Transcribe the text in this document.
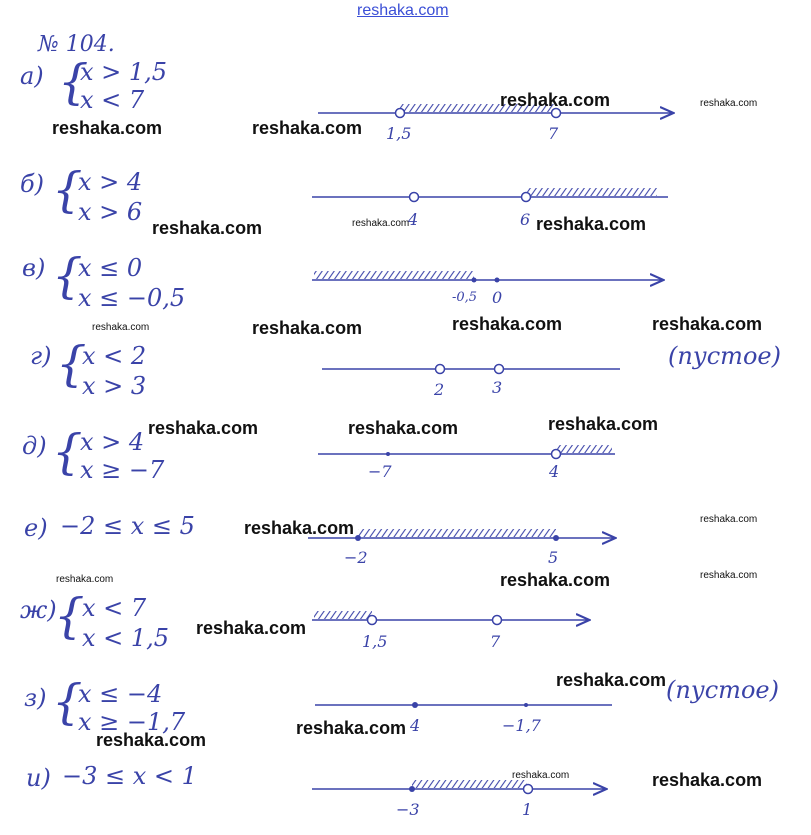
reshaka.com
№ 104.
а) {
x > 1,5
x < 7
б) {
x > 4
x > 6
в) {
x ≤ 0
x ≤ −0,5
г) {
x < 2
x > 3
(пустое)
д) {
x > 4
x ≥ −7
е) −2 ≤ x ≤ 5
ж)
{
x < 7
x < 1,5
з) {
x ≤ −4
x ≥ −1,7
(пустое)
и) −3 ≤ x < 1
1,5	7
4	6
-0,5 0
2	3
−7	4
−2	5
1,5	7
4	−1,7
−3	1
reshaka.com	reshaka.com
reshaka.com	reshaka.com
reshaka.com	reshaka.com	reshaka.com
reshaka.com	reshaka.com	reshaka.com	reshaka.com
reshaka.com	reshaka.com	reshaka.com
reshaka.com	reshaka.com
reshaka.com	reshaka.com	reshaka.com
reshaka.com
reshaka.com
reshaka.com
reshaka.com
reshaka.com	reshaka.com
